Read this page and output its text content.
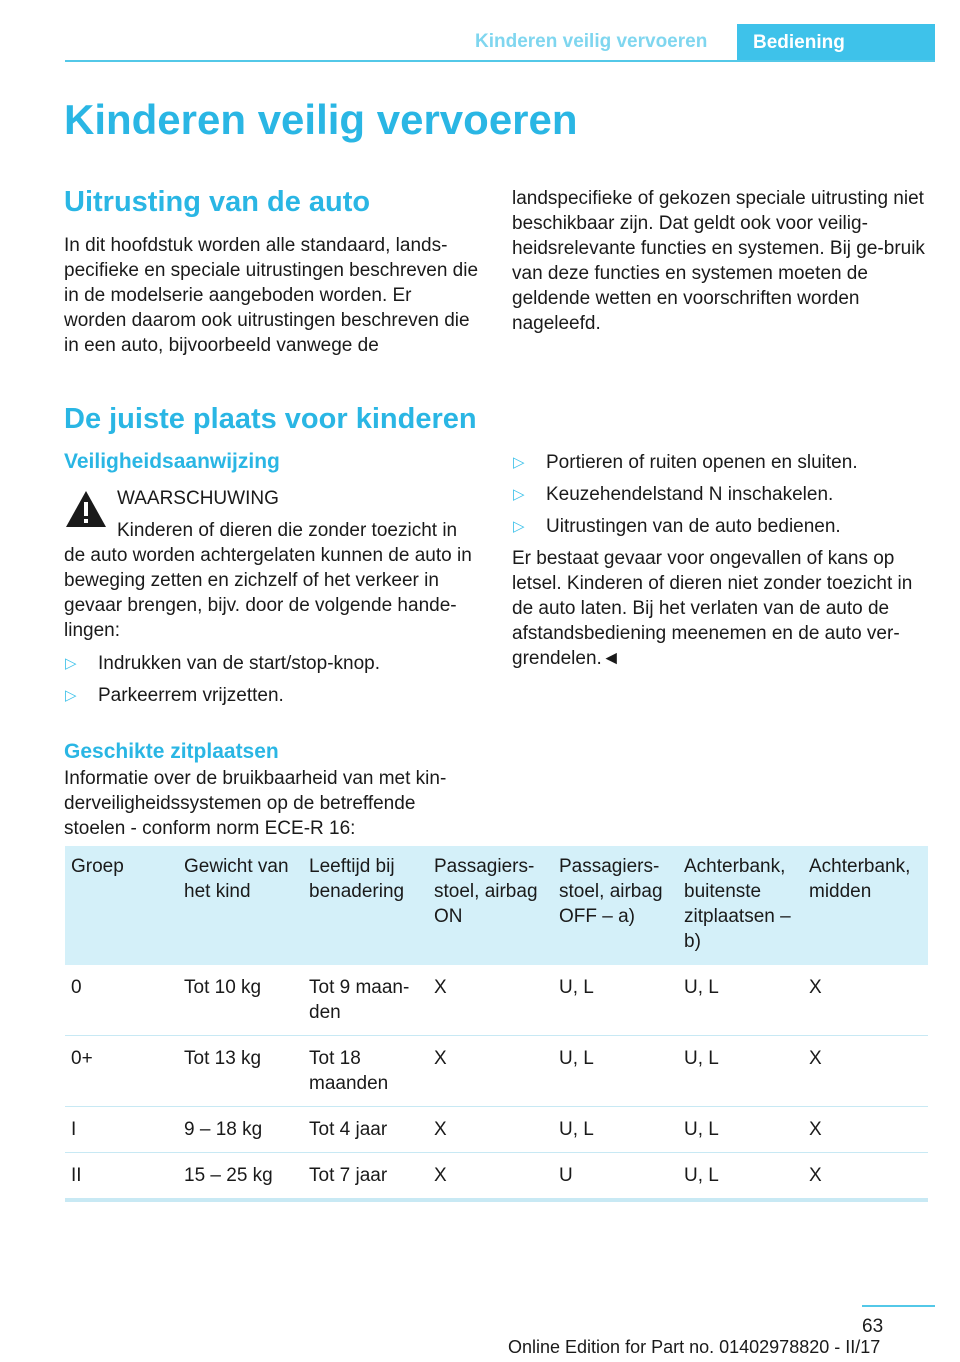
Kinderen veilig vervoeren Bediening
Kinderen veilig vervoeren
Uitrusting van de auto

In dit hoofdstuk worden alle standaard, lands-pecifieke en speciale uitrustingen beschreven die in de modelserie aangeboden worden. Er worden daarom ook uitrustingen beschreven die in een auto, bijvoorbeeld vanwege de

landspecifieke of gekozen speciale uitrusting niet beschikbaar zijn. Dat geldt ook voor veilig-heidsrelevante functies en systemen. Bij ge-bruik van deze functies en systemen moeten de geldende wetten en voorschriften worden nageleefd.

De juiste plaats voor kinderen
Veiligheidsaanwijzing

WAARSCHUWING

Kinderen of dieren die zonder toezicht in de auto worden achtergelaten kunnen de auto in beweging zetten en zichzelf of het verkeer in gevaar brengen, bijv. door de volgende hande-lingen:

▷ Indrukken van de start/stop-knop.
▷ Parkeerrem vrijzetten.
▷ Portieren of ruiten openen en sluiten.
▷ Keuzehendelstand N inschakelen.
▷ Uitrustingen van de auto bedienen.

Er bestaat gevaar voor ongevallen of kans op letsel. Kinderen of dieren niet zonder toezicht in de auto laten. Bij het verlaten van de auto de afstandsbediening meenemen en de auto ver-grendelen.◄

Geschikte zitplaatsen

Informatie over de bruikbaarheid van met kin-derveiligheidssystemen op de betreffende stoelen - conform norm ECE-R 16:

Groep	Gewicht van het kind	Leeftijd bij benadering	Passagiers-stoel, airbag ON	Passagiers-stoel, airbag OFF – a)	Achterbank, buitenste zitplaatsen – b)	Achterbank, midden
0	Tot 10 kg	Tot 9 maan-den	X	U, L	U, L	X
0+	Tot 13 kg	Tot 18 maanden	X	U, L	U, L	X
I	9 – 18 kg	Tot 4 jaar	X	U, L	U, L	X
II	15 – 25 kg	Tot 7 jaar	X	U	U, L	X
63
Online Edition for Part no. 01402978820 - II/17
